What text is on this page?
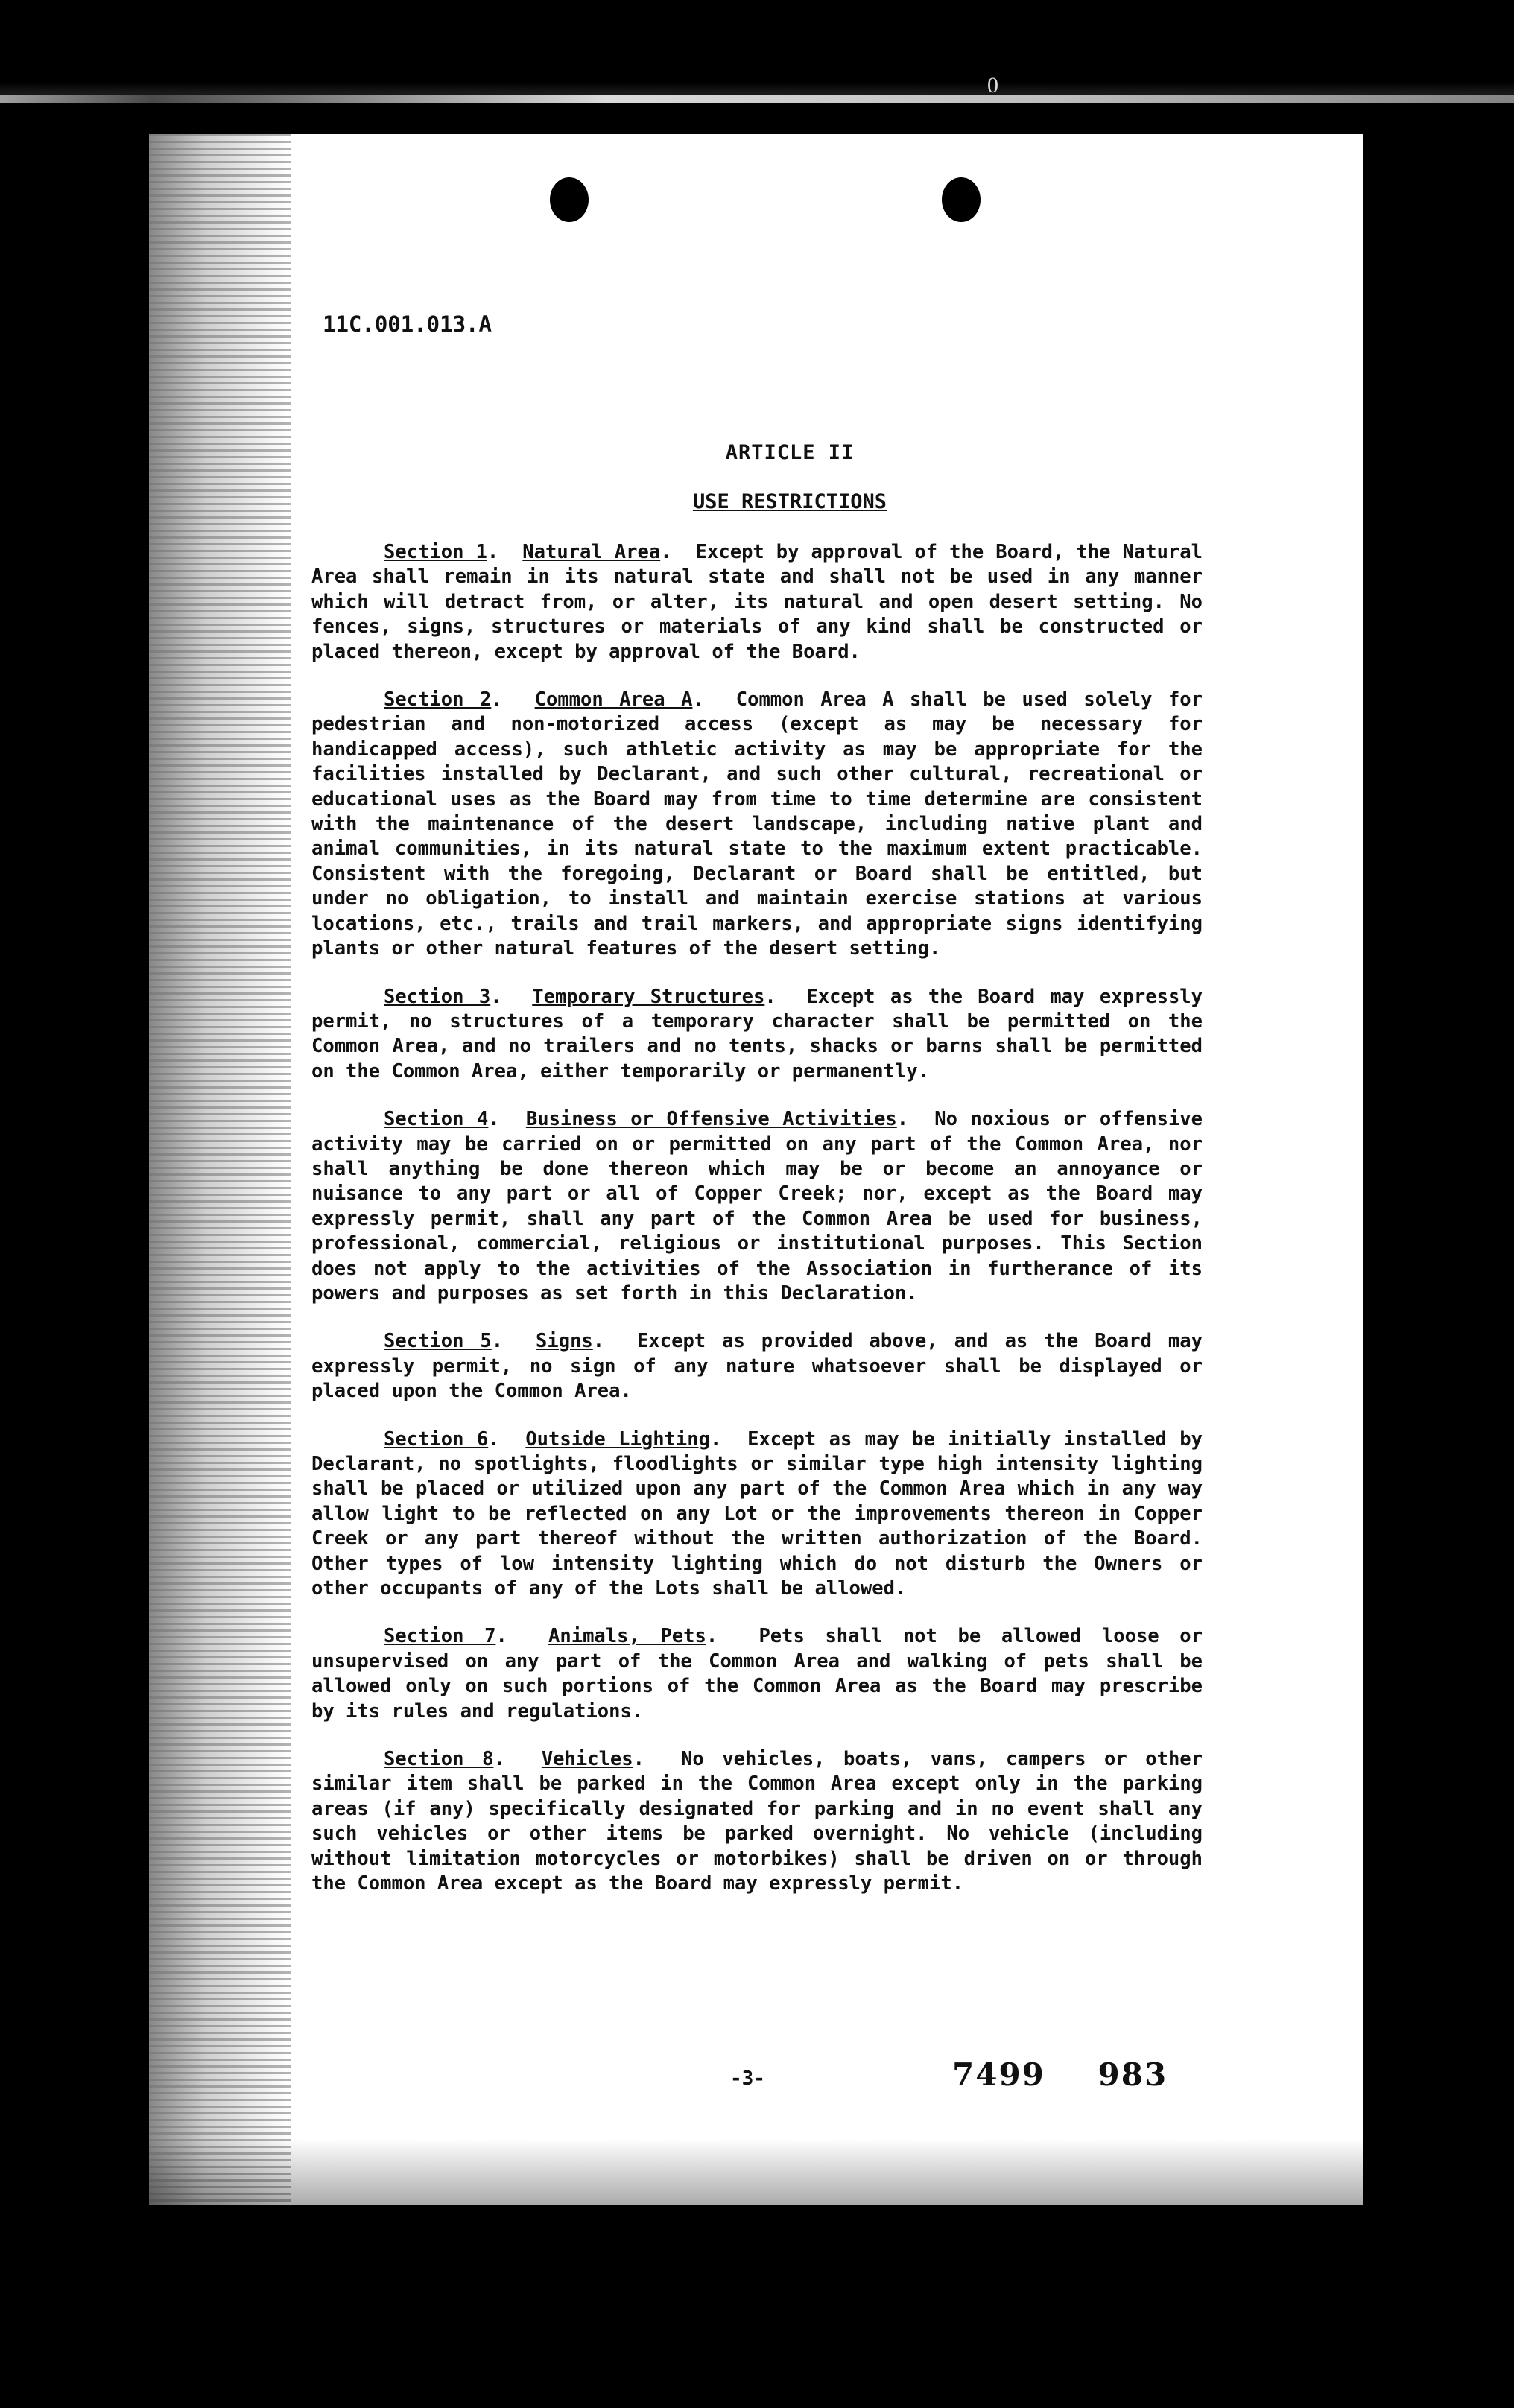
0
11C.001.013.A
ARTICLE II
USE RESTRICTIONS

Section 1.  Natural Area.  Except by approval of the Board, the Natural Area shall remain in its natural state and shall not be used in any manner which will detract from, or alter, its natural and open desert setting. No fences, signs, structures or materials of any kind shall be constructed or placed thereon, except by approval of the Board.

Section 2.  Common Area A.  Common Area A shall be used solely for pedestrian and non-motorized access (except as may be necessary for handicapped access), such athletic activity as may be appropriate for the facilities installed by Declarant, and such other cultural, recreational or educational uses as the Board may from time to time determine are consistent with the maintenance of the desert landscape, including native plant and animal communities, in its natural state to the maximum extent practicable. Consistent with the foregoing, Declarant or Board shall be entitled, but under no obligation, to install and maintain exercise stations at various locations, etc., trails and trail markers, and appropriate signs identifying plants or other natural features of the desert setting.

Section 3.  Temporary Structures.  Except as the Board may expressly permit, no structures of a temporary character shall be permitted on the Common Area, and no trailers and no tents, shacks or barns shall be permitted on the Common Area, either temporarily or permanently.

Section 4.  Business or Offensive Activities.  No noxious or offensive activity may be carried on or permitted on any part of the Common Area, nor shall anything be done thereon which may be or become an annoyance or nuisance to any part or all of Copper Creek; nor, except as the Board may expressly permit, shall any part of the Common Area be used for business, professional, commercial, religious or institutional purposes. This Section does not apply to the activities of the Association in furtherance of its powers and purposes as set forth in this Declaration.

Section 5.  Signs.  Except as provided above, and as the Board may expressly permit, no sign of any nature whatsoever shall be displayed or placed upon the Common Area.

Section 6.  Outside Lighting.  Except as may be initially installed by Declarant, no spotlights, floodlights or similar type high intensity lighting shall be placed or utilized upon any part of the Common Area which in any way allow light to be reflected on any Lot or the improvements thereon in Copper Creek or any part thereof without the written authorization of the Board. Other types of low intensity lighting which do not disturb the Owners or other occupants of any of the Lots shall be allowed.

Section 7.  Animals, Pets.  Pets shall not be allowed loose or unsupervised on any part of the Common Area and walking of pets shall be allowed only on such portions of the Common Area as the Board may prescribe by its rules and regulations.

Section 8.  Vehicles.  No vehicles, boats, vans, campers or other similar item shall be parked in the Common Area except only in the parking areas (if any) specifically designated for parking and in no event shall any such vehicles or other items be parked overnight. No vehicle (including without limitation motorcycles or motorbikes) shall be driven on or through the Common Area except as the Board may expressly permit.

-3-	7499 983
